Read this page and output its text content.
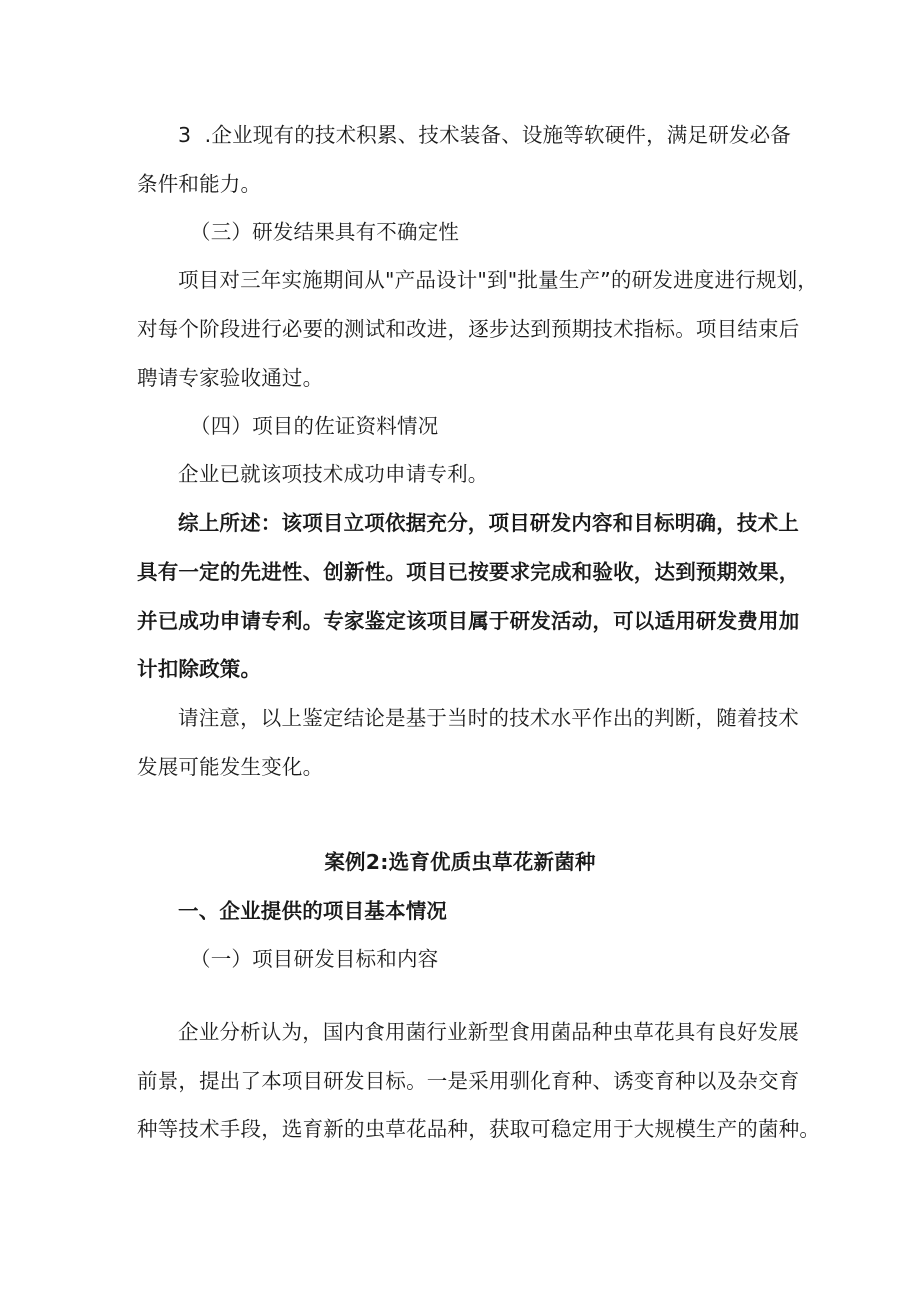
3  .企业现有的技术积累、技术装备、设施等软硬件，满足研发必备
条件和能力。
（三）研发结果具有不确定性
项目对三年实施期间从"产品设计"到"批量生产”的研发进度进行规划，
对每个阶段进行必要的测试和改进，逐步达到预期技术指标。项目结束后
聘请专家验收通过。
（四）项目的佐证资料情况
企业已就该项技术成功申请专利。
综上所述：该项目立项依据充分，项目研发内容和目标明确，技术上
具有一定的先进性、创新性。项目已按要求完成和验收，达到预期效果，
并已成功申请专利。专家鉴定该项目属于研发活动，可以适用研发费用加
计扣除政策。
请注意，以上鉴定结论是基于当时的技术水平作出的判断，随着技术
发展可能发生变化。
案例2:选育优质虫草花新菌种
一、企业提供的项目基本情况
（一）项目研发目标和内容
企业分析认为，国内食用菌行业新型食用菌品种虫草花具有良好发展
前景，提出了本项目研发目标。一是采用驯化育种、诱变育种以及杂交育
种等技术手段，选育新的虫草花品种，获取可稳定用于大规模生产的菌种。
